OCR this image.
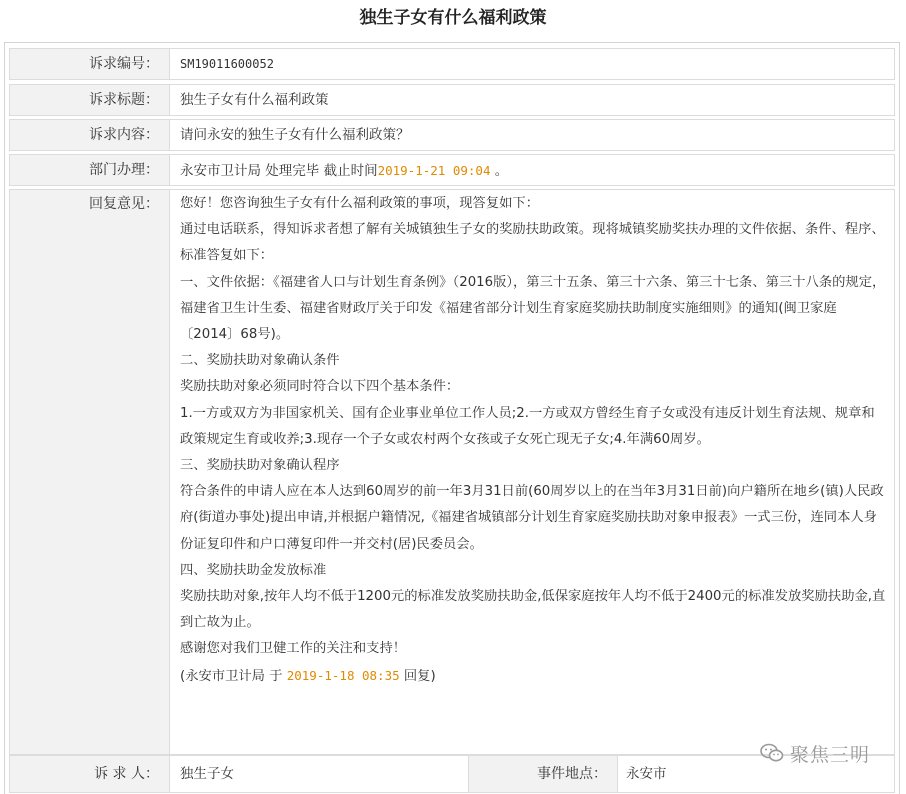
独生子女有什么福利政策
诉求编号：	SM19011600052
诉求标题：	独生子女有什么福利政策
诉求内容：	请问永安的独生子女有什么福利政策？
部门办理：	永安市卫计局 处理完毕 截止时间2019-1-21 09:04 。
回复意见：	您好！您咨询独生子女有什么福利政策的事项，现答复如下：

通过电话联系，得知诉求者想了解有关城镇独生子女的奖励扶助政策。现将城镇奖励奖扶办理的文件依据、条件、程序、标准答复如下：

一、文件依据：《福建省人口与计划生育条例》（2016版），第三十五条、第三十六条、第三十七条、第三十八条的规定，福建省卫生计生委、福建省财政厅关于印发《福建省部分计划生育家庭奖励扶助制度实施细则》的通知(闽卫家庭〔2014〕68号)。

二、奖励扶助对象确认条件

奖励扶助对象必须同时符合以下四个基本条件：

1.一方或双方为非国家机关、国有企业事业单位工作人员;2.一方或双方曾经生育子女或没有违反计划生育法规、规章和政策规定生育或收养;3.现存一个子女或农村两个女孩或子女死亡现无子女;4.年满60周岁。

三、奖励扶助对象确认程序

符合条件的申请人应在本人达到60周岁的前一年3月31日前(60周岁以上的在当年3月31日前)向户籍所在地乡(镇)人民政府(街道办事处)提出申请,并根据户籍情况,《福建省城镇部分计划生育家庭奖励扶助对象申报表》一式三份，连同本人身份证复印件和户口薄复印件一并交村(居)民委员会。

四、奖励扶助金发放标准

奖励扶助对象,按年人均不低于1200元的标准发放奖励扶助金,低保家庭按年人均不低于2400元的标准发放奖励扶助金,直到亡故为止。

感谢您对我们卫健工作的关注和支持！

(永安市卫计局 于 2019-1-18 08:35 回复)

诉 求 人：	独生子女	事件地点：	永安市
聚焦三明
